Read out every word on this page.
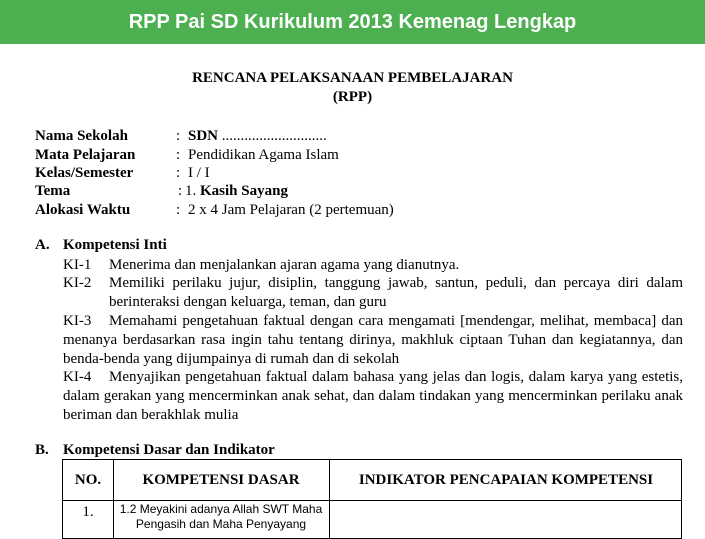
RPP Pai SD Kurikulum 2013 Kemenag Lengkap
RENCANA PELAKSANAAN PEMBELAJARAN
(RPP)
Nama Sekolah	: SDN ............................
Mata Pelajaran	: Pendidikan Agama Islam
Kelas/Semester	: I / I
Tema	: 1. Kasih Sayang
Alokasi Waktu	: 2 x 4 Jam Pelajaran (2 pertemuan)
A. Kompetensi Inti
KI-1 Menerima dan menjalankan ajaran agama yang dianutnya.
KI-2 Memiliki perilaku jujur, disiplin, tanggung jawab, santun, peduli, dan percaya diri dalam berinteraksi dengan keluarga, teman, dan guru
KI-3	Memahami pengetahuan faktual dengan cara mengamati [mendengar, melihat, membaca] dan menanya berdasarkan rasa ingin tahu tentang dirinya, makhluk ciptaan Tuhan dan kegiatannya, dan benda-benda yang dijumpainya di rumah dan di sekolah
KI-4	Menyajikan pengetahuan faktual dalam bahasa yang jelas dan logis, dalam karya yang estetis, dalam gerakan yang mencerminkan anak sehat, dan dalam tindakan yang mencerminkan perilaku anak beriman dan berakhlak mulia
B. Kompetensi Dasar dan Indikator
NO.	KOMPETENSI DASAR	INDIKATOR PENCAPAIAN KOMPETENSI
1.	1.2 Meyakini adanya Allah SWT Maha Pengasih dan Maha Penyayang
